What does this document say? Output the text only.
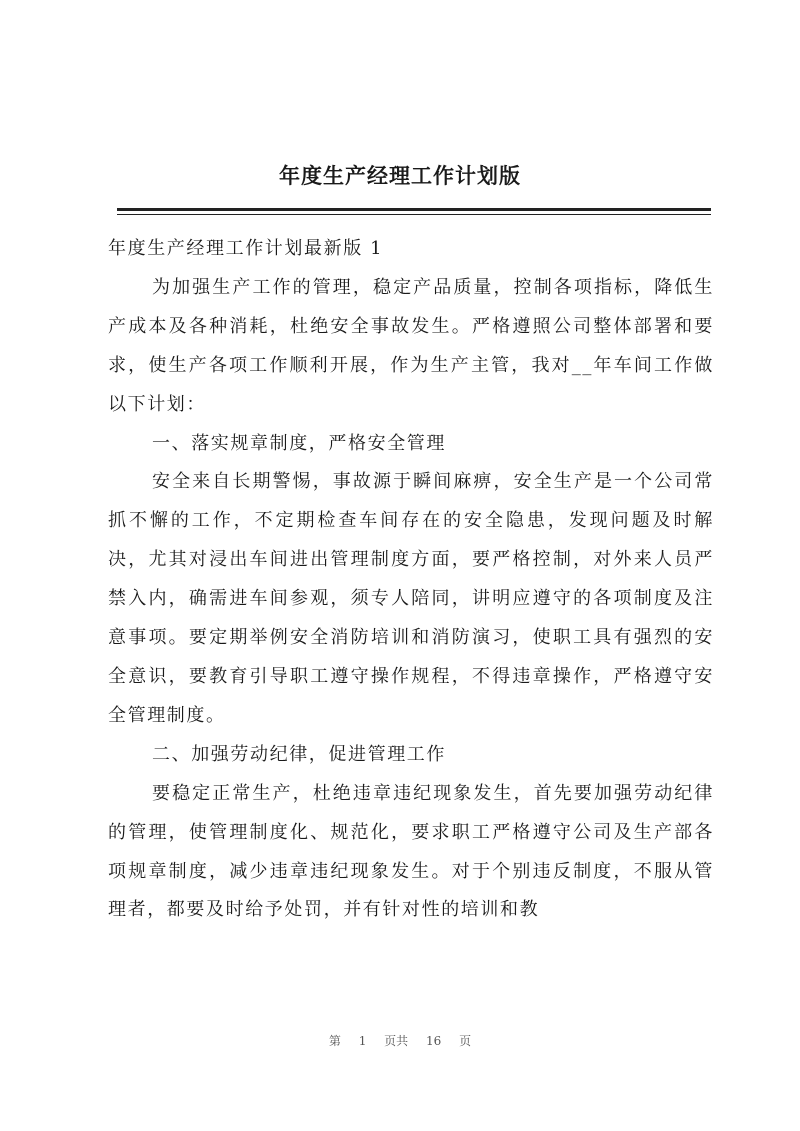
年度生产经理工作计划版

年度生产经理工作计划最新版 1

为加强生产工作的管理，稳定产品质量，控制各项指标，降低生产成本及各种消耗，杜绝安全事故发生。严格遵照公司整体部署和要求，使生产各项工作顺利开展，作为生产主管，我对__年车间工作做以下计划：

一、落实规章制度，严格安全管理

安全来自长期警惕，事故源于瞬间麻痹，安全生产是一个公司常抓不懈的工作，不定期检查车间存在的安全隐患，发现问题及时解决，尤其对浸出车间进出管理制度方面，要严格控制，对外来人员严禁入内，确需进车间参观，须专人陪同，讲明应遵守的各项制度及注意事项。要定期举例安全消防培训和消防演习，使职工具有强烈的安全意识，要教育引导职工遵守操作规程，不得违章操作，严格遵守安全管理制度。

二、加强劳动纪律，促进管理工作

要稳定正常生产，杜绝违章违纪现象发生，首先要加强劳动纪律的管理，使管理制度化、规范化，要求职工严格遵守公司及生产部各项规章制度，减少违章违纪现象发生。对于个别违反制度，不服从管理者，都要及时给予处罚，并有针对性的培训和教

第 1 页共 16 页
